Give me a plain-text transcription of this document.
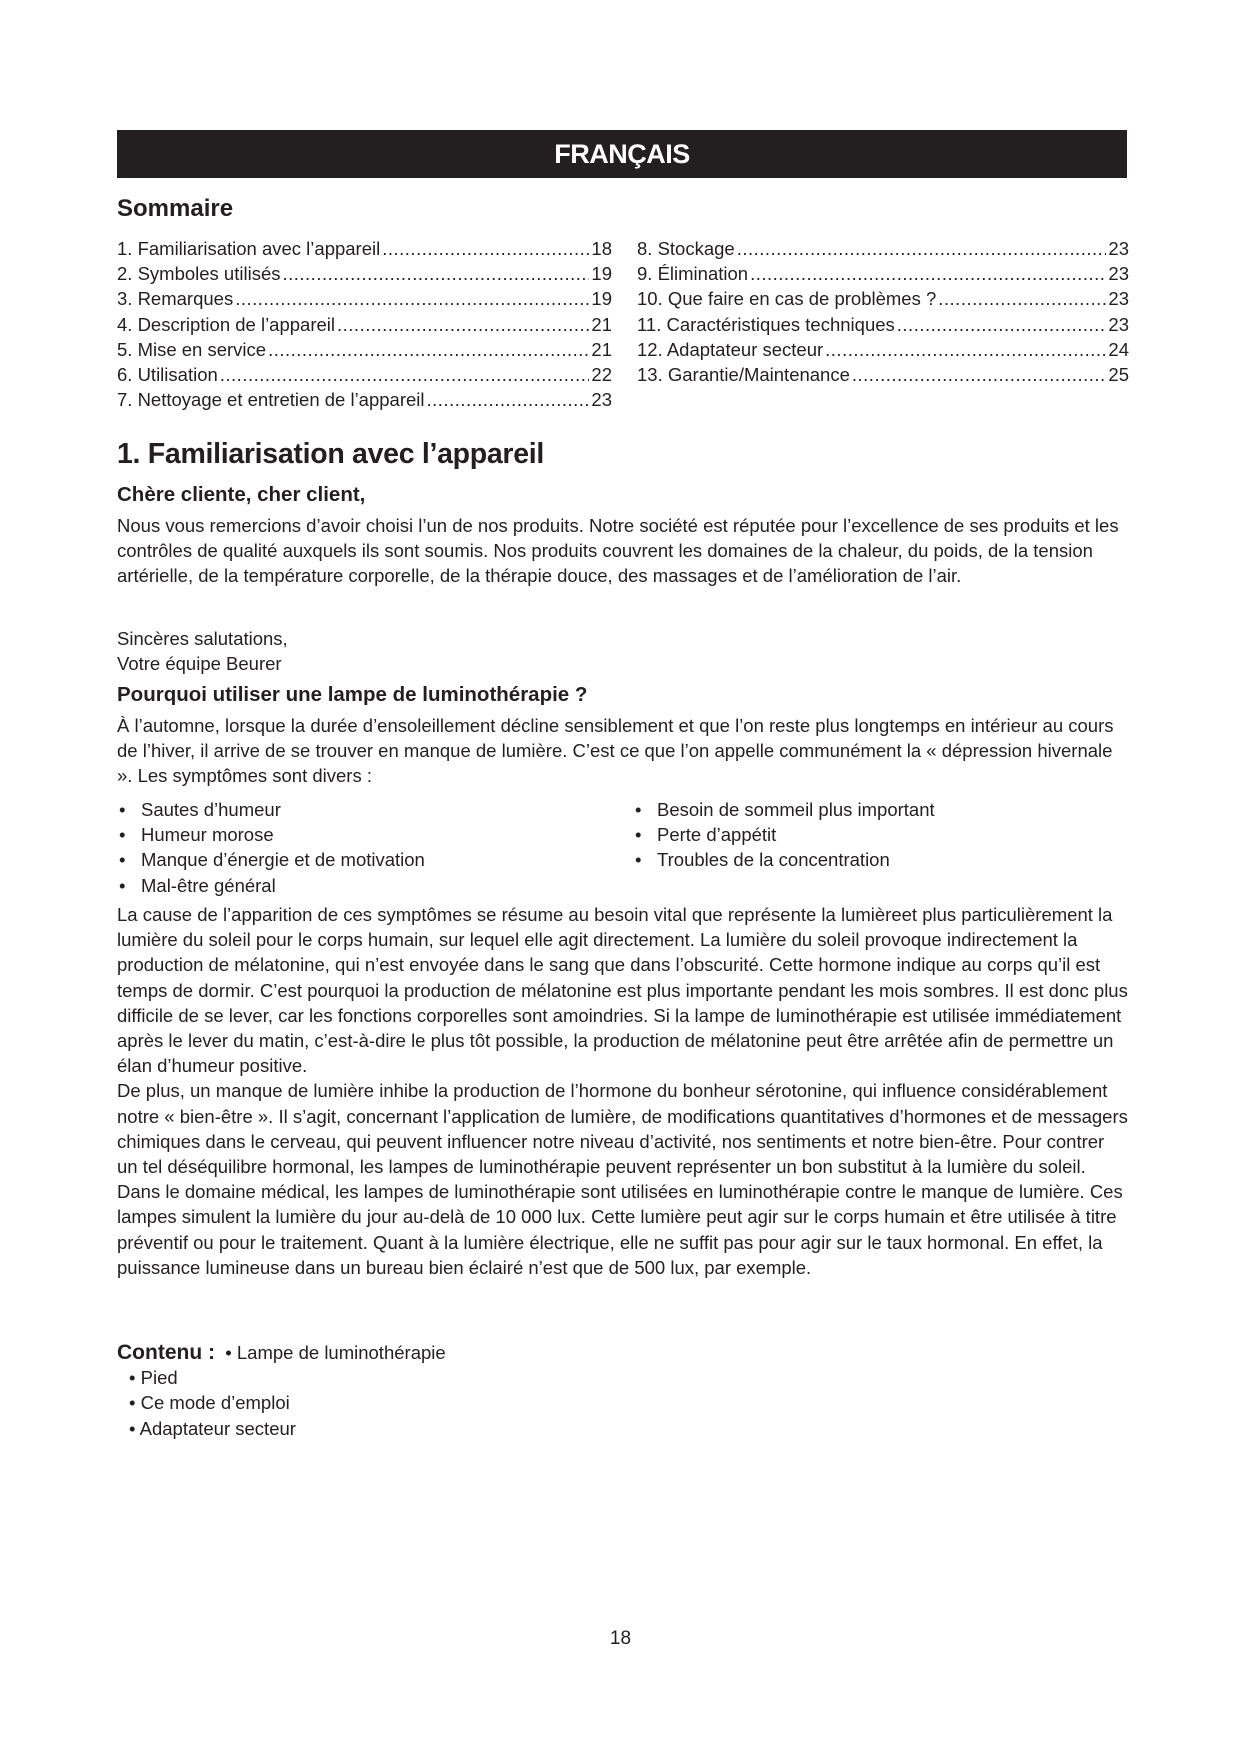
FRANÇAIS
Sommaire
1. Familiarisation avec l’appareil .....	18
2. Symboles utilisés .....	19
3. Remarques .....	19
4. Description de l’appareil .....	21
5. Mise en service .....	21
6. Utilisation .....	22
7. Nettoyage et entretien de l’appareil .....	23
8. Stockage .....	23
9. Élimination .....	23
10. Que faire en cas de problèmes ? .....	23
11. Caractéristiques techniques .....	23
12. Adaptateur secteur .....	24
13. Garantie/Maintenance .....	25
1. Familiarisation avec l’appareil
Chère cliente, cher client,

Nous vous remercions d’avoir choisi l’un de nos produits. Notre société est réputée pour l’excellence de ses produits et les contrôles de qualité auxquels ils sont soumis. Nos produits couvrent les domaines de la chaleur, du poids, de la tension artérielle, de la température corporelle, de la thérapie douce, des massages et de l’amélioration de l’air.

Sincères salutations,

Votre équipe Beurer

Pourquoi utiliser une lampe de luminothérapie ?

À l’automne, lorsque la durée d’ensoleillement décline sensiblement et que l’on reste plus longtemps en intérieur au cours de l’hiver, il arrive de se trouver en manque de lumière. C’est ce que l’on appelle communément la « dépression hivernale ». Les symptômes sont divers :

• Sautes d’humeur
• Humeur morose
• Manque d’énergie et de motivation
• Mal-être général
• Besoin de sommeil plus important
• Perte d’appétit
• Troubles de la concentration

La cause de l’apparition de ces symptômes se résume au besoin vital que représente la lumièreet plus particulièrement la lumière du soleil pour le corps humain, sur lequel elle agit directement. La lumière du soleil provoque indirectement la production de mélatonine, qui n’est envoyée dans le sang que dans l’obscurité. Cette hormone indique au corps qu’il est temps de dormir. C’est pourquoi la production de mélatonine est plus importante pendant les mois sombres. Il est donc plus difficile de se lever, car les fonctions corporelles sont amoindries. Si la lampe de luminothérapie est utilisée immédiatement après le lever du matin, c’est-à-dire le plus tôt possible, la production de mélatonine peut être arrêtée afin de permettre un élan d’humeur positive.

De plus, un manque de lumière inhibe la production de l’hormone du bonheur sérotonine, qui influence considérablement notre « bien-être ». Il s’agit, concernant l’application de lumière, de modifications quantitatives d’hormones et de messagers chimiques dans le cerveau, qui peuvent influencer notre niveau d’activité, nos sentiments et notre bien-être. Pour contrer un tel déséquilibre hormonal, les lampes de luminothérapie peuvent représenter un bon substitut à la lumière du soleil.

Dans le domaine médical, les lampes de luminothérapie sont utilisées en luminothérapie contre le manque de lumière. Ces lampes simulent la lumière du jour au-delà de 10 000 lux. Cette lumière peut agir sur le corps humain et être utilisée à titre préventif ou pour le traitement. Quant à la lumière électrique, elle ne suffit pas pour agir sur le taux hormonal. En effet, la puissance lumineuse dans un bureau bien éclairé n’est que de 500 lux, par exemple.

Contenu : • Lampe de luminothérapie
• Pied
• Ce mode d’emploi
• Adaptateur secteur
18
